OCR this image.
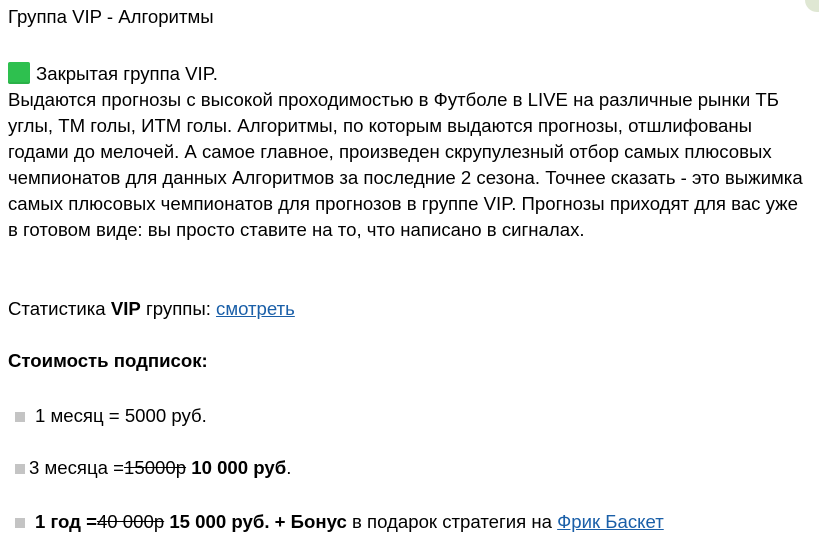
Группа VIP - Алгоритмы
Закрытая группа VIP.
Выдаются прогнозы с высокой проходимостью в Футболе в LIVE на различные рынки ТБ углы, ТМ голы, ИТМ голы. Алгоритмы, по которым выдаются прогнозы, отшлифованы годами до мелочей. А самое главное, произведен скрупулезный отбор самых плюсовых чемпионатов для данных Алгоритмов за последние 2 сезона. Точнее сказать - это выжимка самых плюсовых чемпионатов для прогнозов в группе VIP. Прогнозы приходят для вас уже в готовом виде: вы просто ставите на то, что написано в сигналах.
Статистика VIP группы: смотреть
Стоимость подписок:
1 месяц = 5000 руб.
3 месяца =15000р 10 000 руб.
1 год =40 000р 15 000 руб. + Бонус в подарок стратегия на Фрик Баскет
